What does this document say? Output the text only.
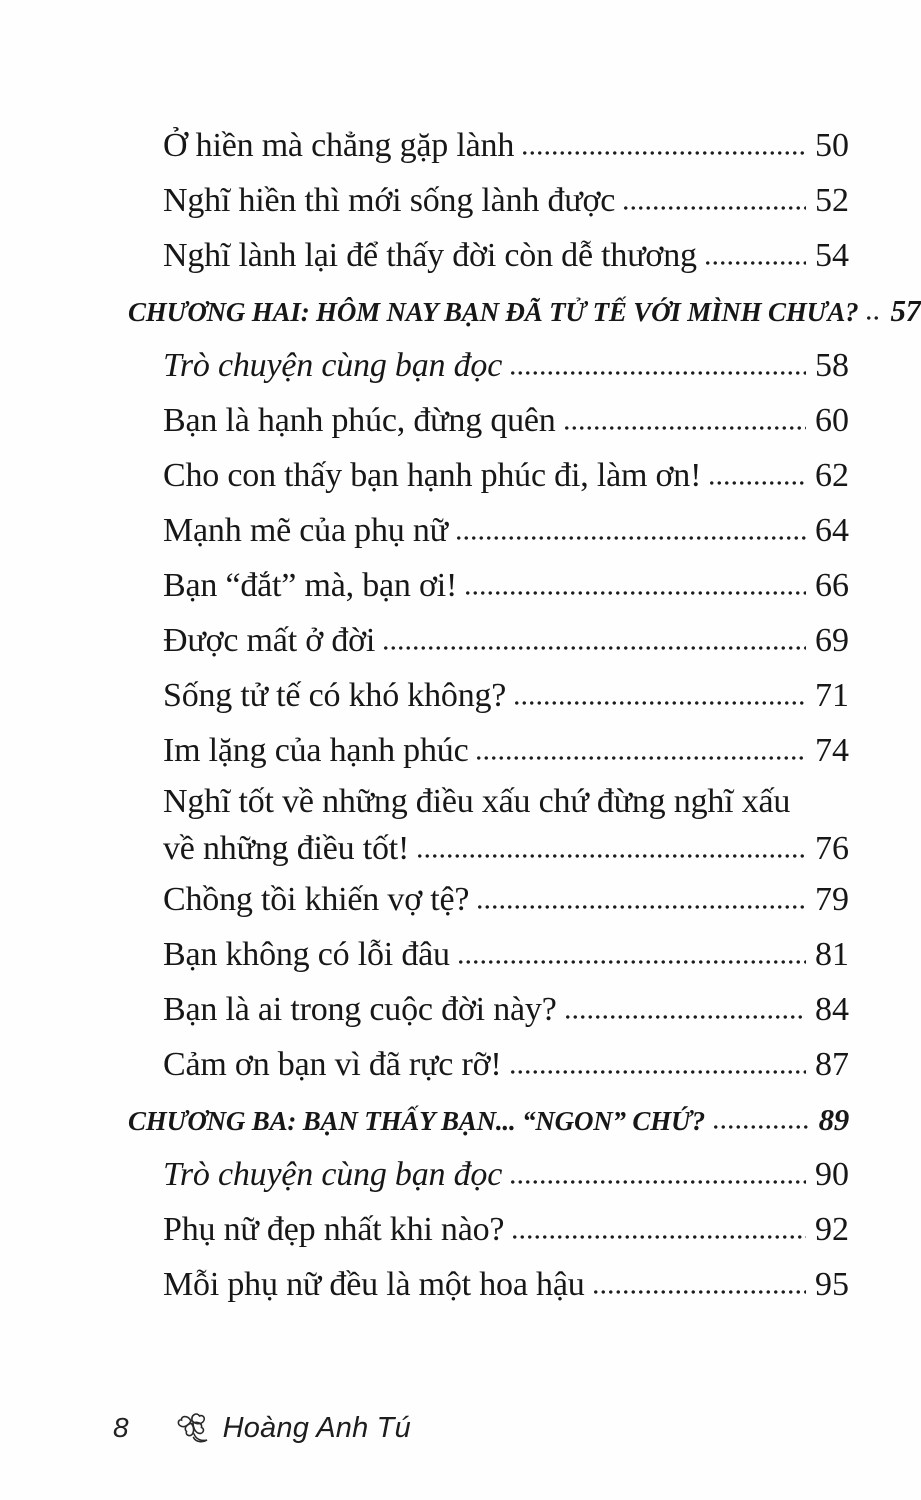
Ở hiền mà chẳng gặp lành	50
Nghĩ hiền thì mới sống lành được	52
Nghĩ lành lại để thấy đời còn dễ thương	54
CHƯƠNG HAI: HÔM NAY BẠN ĐÃ TỬ TẾ VỚI MÌNH CHƯA? 57
Trò chuyện cùng bạn đọc	58
Bạn là hạnh phúc, đừng quên	60
Cho con thấy bạn hạnh phúc đi, làm ơn!	62
Mạnh mẽ của phụ nữ	64
Bạn “đắt” mà, bạn ơi!	66
Được mất ở đời	69
Sống tử tế có khó không?	71
Im lặng của hạnh phúc	74
Nghĩ tốt về những điều xấu chứ đừng nghĩ xấu
về những điều tốt!	76
Chồng tồi khiến vợ tệ?	79
Bạn không có lỗi đâu	81
Bạn là ai trong cuộc đời này?	84
Cảm ơn bạn vì đã rực rỡ!	87
CHƯƠNG BA: BẠN THẤY BẠN... “NGON” CHỨ?	89
Trò chuyện cùng bạn đọc	90
Phụ nữ đẹp nhất khi nào?	92
Mỗi phụ nữ đều là một hoa hậu	95
8	Hoàng Anh Tú
